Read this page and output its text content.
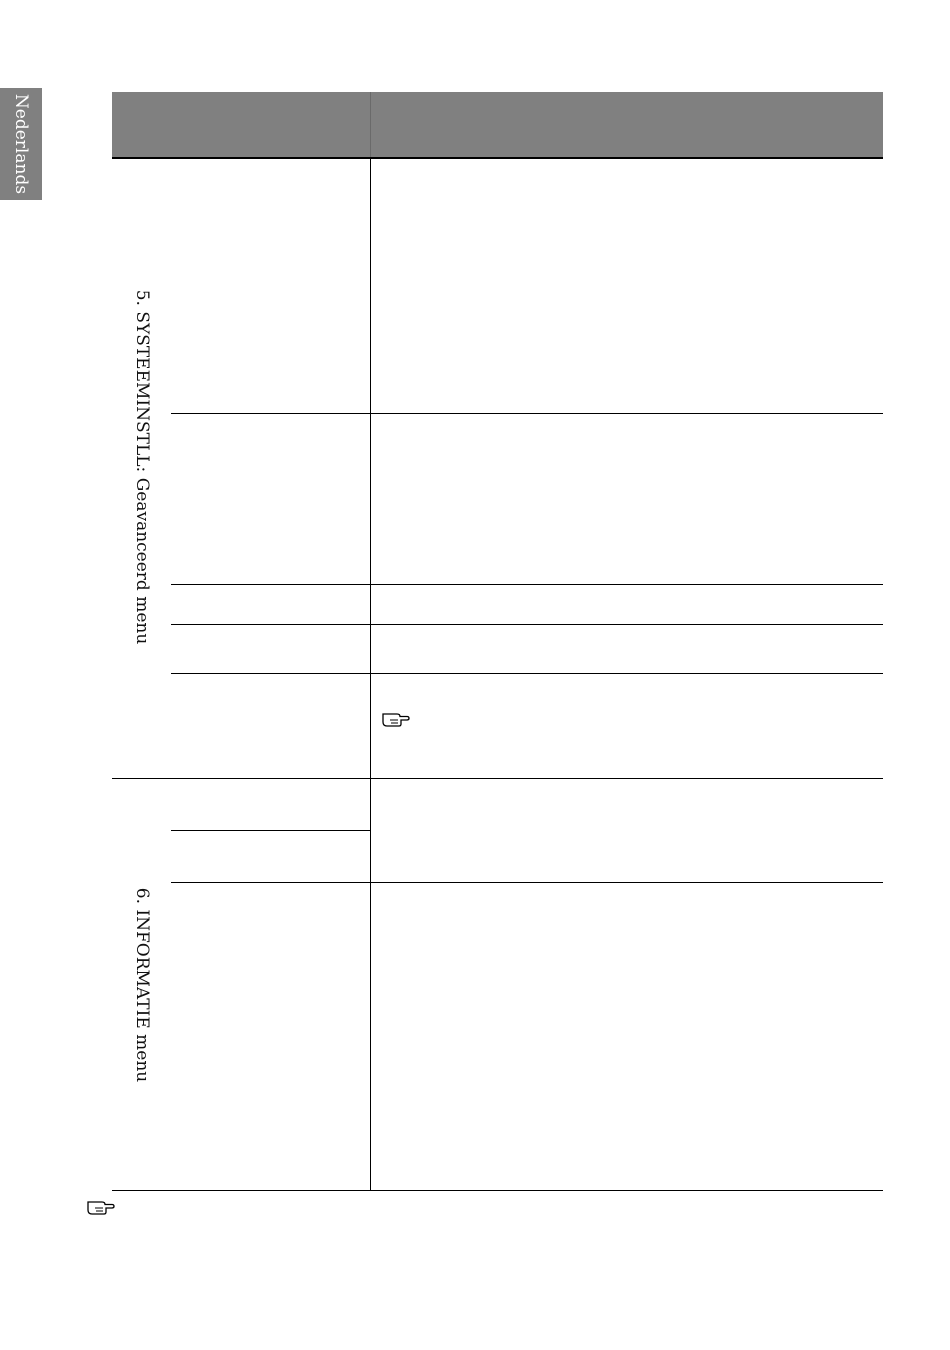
Nederlands
5. SYSTEEMINSTLL: Geavanceerd menu
6. INFORMATIE menu
